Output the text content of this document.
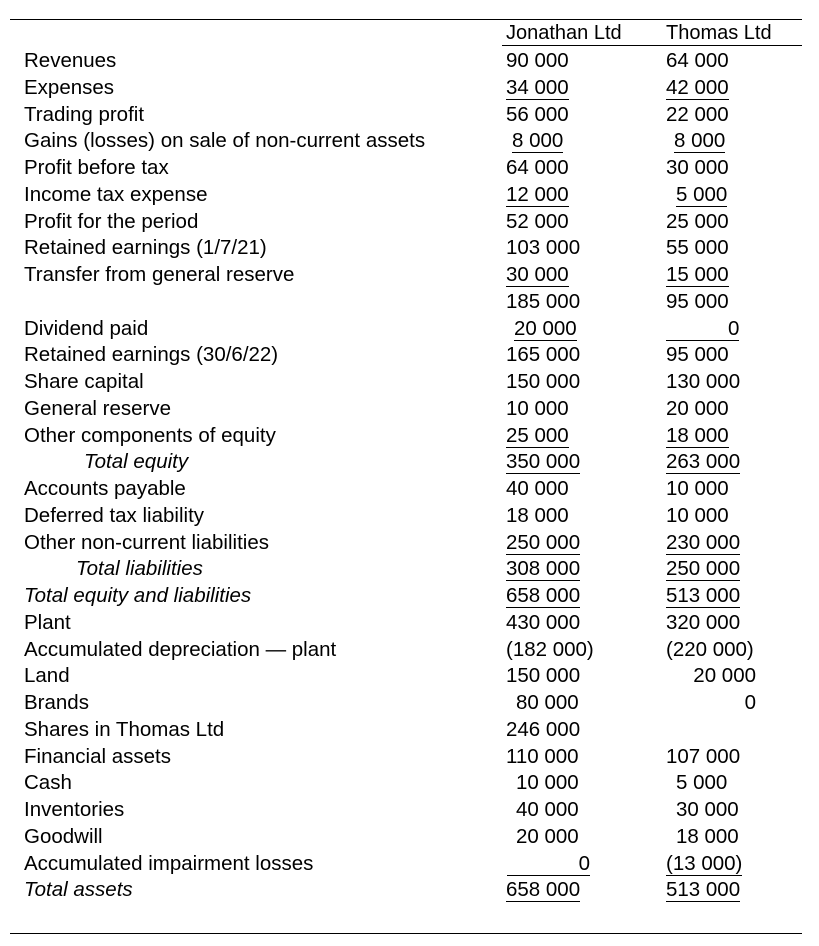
Jonathan Ltd Thomas Ltd
Revenues	90 000	64 000
Expenses	34 000	42 000
Trading profit	56 000	22 000
Gains (losses) on sale of non-current assets	8 000	8 000
Profit before tax	64 000	30 000
Income tax expense	12 000	5 000
Profit for the period	52 000	25 000
Retained earnings (1/7/21)	103 000	55 000
Transfer from general reserve	30 000	15 000
185 000	95 000
Dividend paid	20 000	0
Retained earnings (30/6/22)	165 000	95 000
Share capital	150 000	130 000
General reserve	10 000	20 000
Other components of equity	25 000	18 000
Total equity	350 000	263 000
Accounts payable	40 000	10 000
Deferred tax liability	18 000	10 000
Other non-current liabilities	250 000	230 000
Total liabilities	308 000	250 000
Total equity and liabilities	658 000	513 000
Plant	430 000	320 000
Accumulated depreciation — plant	(182 000)	(220 000)
Land	150 000	20 000
Brands	80 000	0
Shares in Thomas Ltd	246 000
Financial assets	110 000	107 000
Cash	10 000	5 000
Inventories	40 000	30 000
Goodwill	20 000	18 000
Accumulated impairment losses	0	(13 000)
Total assets	658 000	513 000
